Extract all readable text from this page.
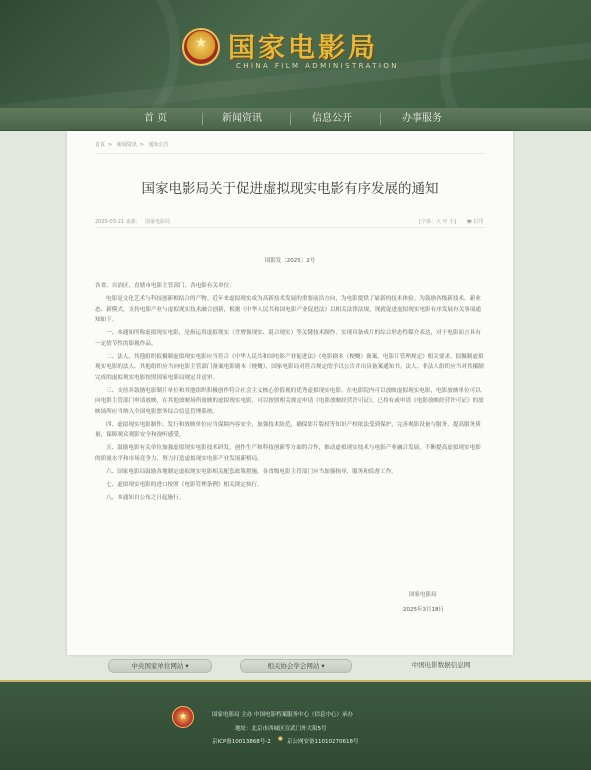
★ 国家电影局
CHINA FILM ADMINISTRATION
首 页	新闻资讯	信息公开	办事服务
首页 > 新闻资讯 > 通知公告
国家电影局关于促进虚拟现实电影有序发展的通知
2025-03-21 来源： 国家电影局	[字体：大 中 小] 🖶 打印
国影发〔2025〕2号

各省、自治区、直辖市电影主管部门，各电影有关单位：

电影是文化艺术与科技创新相结合的产物。近年来虚拟现实成为高新技术发展的重要前沿方向，为电影提供了崭新的技术体验。为鼓励各级新技术、新业态、新模式，支持电影产业与虚拟现实技术融合创新，根据《中华人民共和国电影产业促进法》以相关法律法规，现就促进虚拟现实电影有序发展有关事项通知如下。

一、本通知所称虚拟现实电影，是指运用虚拟现实（含增强现实、混合现实）等关键技术制作、实现具备成片的综合形态性媒介表达，对于电影而言具有一定情节性的影视作品。

二、法人、其他组织拟摄制虚拟现实电影应当符合《中华人民共和国电影产业促进法》《电影剧本（梗概）备案、电影片管理规定》相关要求。拟摄制虚拟现实电影的法人、其他组织应当向电影主管部门备案电影剧本（梗概），国家电影局对符合规定的予以公告并出具备案通知书。法人、非法人组织应当对其摄制完成的虚拟现实电影按照国家电影局规定并送审。

三、支持并鼓励电影制片单位和其他组织积极创作符合社会主义核心价值观的优秀虚拟现实电影。在电影院内可以放映虚拟现实电影，电影放映单位可以向电影主管部门申请放映，在其他放映场所放映的虚拟现实电影，可以按照相关规定申请《电影放映经营许可证》，已持有或申请《电影放映经营许可证》的放映场所应当纳入全国电影票务综合信息管理系统。

四、虚拟现实电影制作、发行和放映单位应当保障内容安全，加强技术防范，确保影片版权等知识产权依法受到保护，完善观影设备与服务，提高服务质量，保障观众观影安全和视听感受。

五、鼓励电影有关单位加强虚拟现实电影技术研发，创作生产和科技创新等方面的合作，推动虚拟现实技术与电影产业融合发展，不断提高虚拟现实电影的质量水平和市场竞争力，努力打造虚拟现实电影产业发展新格局。

六、国家电影局鼓励各地制定虚拟现实电影相关配套政策措施，各省级电影主管部门应当加强指导、服务和监督工作。

七、虚拟现实电影的进口按照《电影管理条例》相关规定执行。

八、本通知自公布之日起施行。

国家电影局
2025年3月18日
中央国家单位网站 ▾	相关协会学会网站 ▾	中国电影数据信息网
★	国家电影局 主办 中国电影档案服务中心（信息中心）承办
地址：北京市西城区宣武门外大街5号
京ICP备10013868号-2 ● 京公网安备11010270618号
